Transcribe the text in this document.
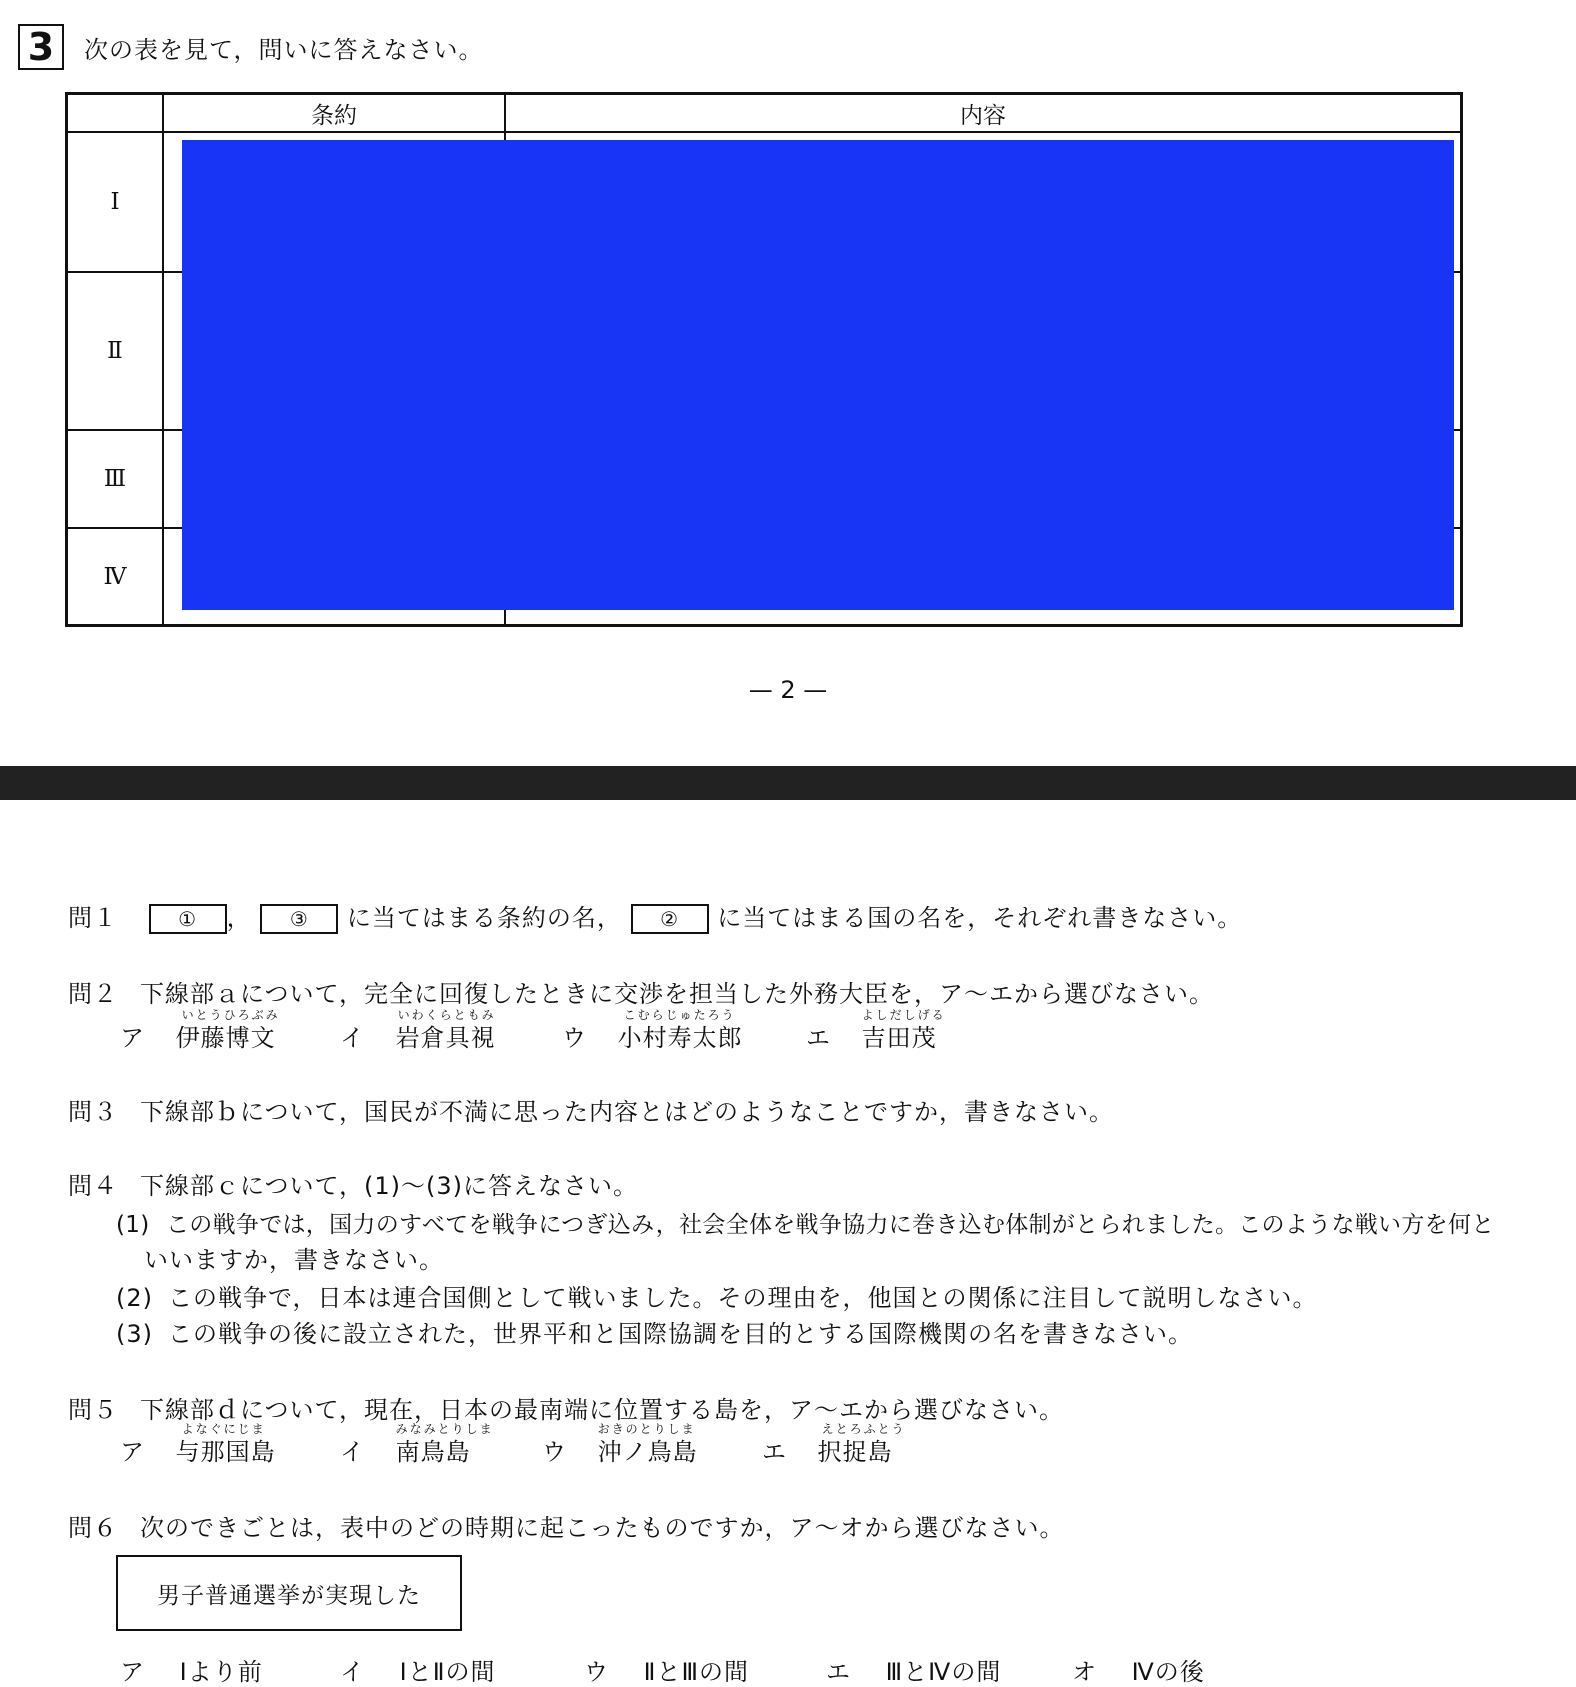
3 次の表を見て，問いに答えなさい。
	条約	内容
Ⅰ		
Ⅱ		
Ⅲ		
Ⅳ		
— 2 —
問１	① ， ③ に当てはまる条約の名， ② に当てはまる国の名を，それぞれ書きなさい。
問２ 下線部ａについて，完全に回復したときに交渉を担当した外務大臣を，ア～エから選びなさい。
ア
いとうひろぶみ
伊藤博文	イ
いわくらともみ
岩倉具視	ウ
こむらじゅたろう
小村寿太郎	エ
よしだしげる
吉田茂
問３ 下線部ｂについて，国民が不満に思った内容とはどのようなことですか，書きなさい。
問４ 下線部ｃについて，(1)～(3)に答えなさい。
(1) この戦争では，国力のすべてを戦争につぎ込み，社会全体を戦争協力に巻き込む体制がとられました。このような戦い方を何と
いいますか，書きなさい。
(2) この戦争で，日本は連合国側として戦いました。その理由を，他国との関係に注目して説明しなさい。
(3) この戦争の後に設立された，世界平和と国際協調を目的とする国際機関の名を書きなさい。
問５ 下線部ｄについて，現在，日本の最南端に位置する島を，ア～エから選びなさい。
ア
よなぐにじま
与那国島	イ
みなみとりしま
南鳥島	ウ
おきのとりしま
沖ノ鳥島	エ
えとろふとう
択捉島
問６ 次のできごとは，表中のどの時期に起こったものですか，ア～オから選びなさい。
男子普通選挙が実現した
ア Ⅰより前	イ ⅠとⅡの間	ウ ⅡとⅢの間	エ ⅢとⅣの間	オ Ⅳの後
